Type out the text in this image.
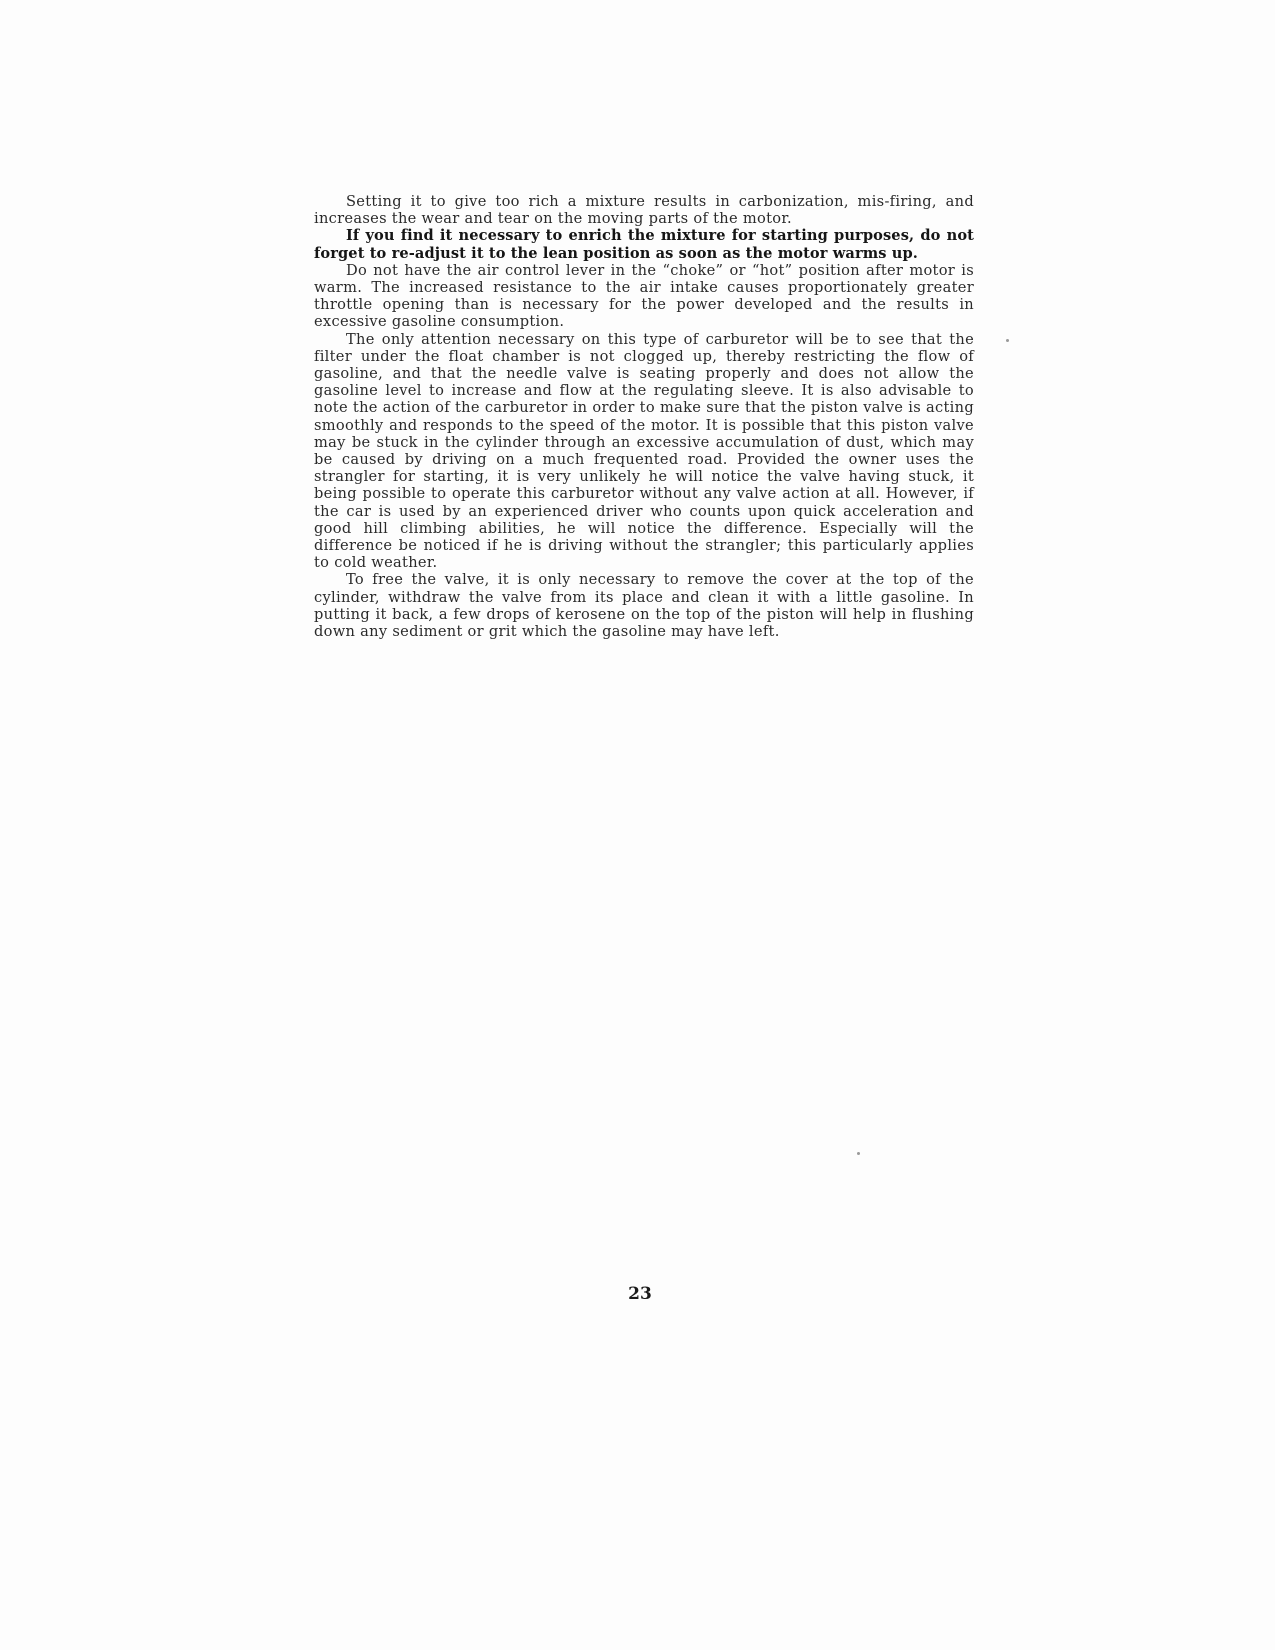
Setting it to give too rich a mixture results in carbonization, mis-firing, and increases the wear and tear on the moving parts of the motor.

If you find it necessary to enrich the mixture for starting purposes, do not forget to re-adjust it to the lean position as soon as the motor warms up.

Do not have the air control lever in the “choke” or “hot” position after motor is warm. The increased resistance to the air intake causes proportionately greater throttle opening than is necessary for the power developed and the results in excessive gasoline consumption.

The only attention necessary on this type of carburetor will be to see that the filter under the float chamber is not clogged up, thereby restricting the flow of gasoline, and that the needle valve is seating properly and does not allow the gasoline level to increase and flow at the regulating sleeve. It is also advisable to note the action of the carburetor in order to make sure that the piston valve is acting smoothly and responds to the speed of the motor. It is possible that this piston valve may be stuck in the cylinder through an excessive accumulation of dust, which may be caused by driving on a much frequented road. Provided the owner uses the strangler for starting, it is very unlikely he will notice the valve having stuck, it being possible to operate this carburetor without any valve action at all. However, if the car is used by an experienced driver who counts upon quick acceleration and good hill climbing abilities, he will notice the difference. Especially will the difference be noticed if he is driving without the strangler; this particularly applies to cold weather.

To free the valve, it is only necessary to remove the cover at the top of the cylinder, withdraw the valve from its place and clean it with a little gasoline. In putting it back, a few drops of kerosene on the top of the piston will help in flushing down any sediment or grit which the gasoline may have left.

23
